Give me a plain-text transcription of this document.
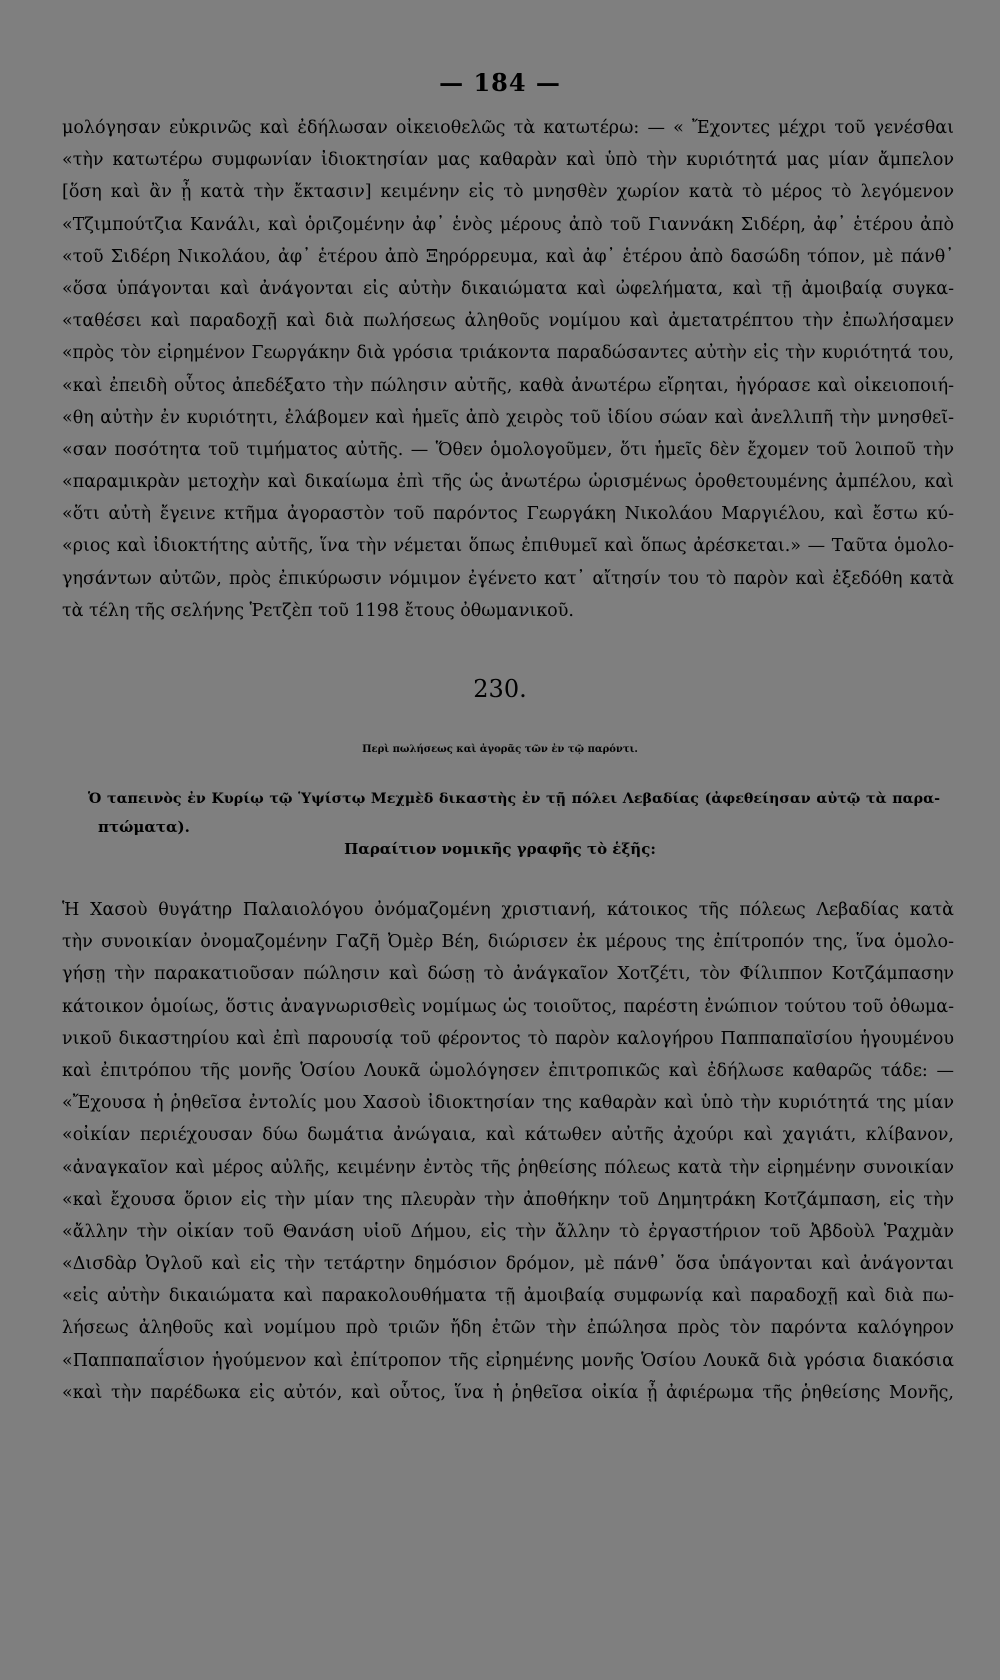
— 184 —
μολόγησαν εὐκρινῶς καὶ ἐδήλωσαν οἰκειοθελῶς τὰ κατωτέρω: — « Ἔχοντες μέχρι τοῦ γενέσθαι
«τὴν κατωτέρω συμφωνίαν ἰδιοκτησίαν μας καθαρὰν καὶ ὑπὸ τὴν κυριότητά μας μίαν ἄμπελον
[ὅση καὶ ἂν ᾖ κατὰ τὴν ἔκτασιν] κειμένην εἰς τὸ μνησθὲν χωρίον κατὰ τὸ μέρος τὸ λεγόμενον
«Τζιμπούτζια Κανάλι, καὶ ὁριζομένην ἀφ᾽ ἑνὸς μέρους ἀπὸ τοῦ Γιαννάκη Σιδέρη, ἀφ᾽ ἑτέρου ἀπὸ
«τοῦ Σιδέρη Νικολάου, ἀφ᾽ ἑτέρου ἀπὸ Ξηρόρρευμα, καὶ ἀφ᾽ ἑτέρου ἀπὸ δασώδη τόπον, μὲ πάνθ᾽
«ὅσα ὑπάγονται καὶ ἀνάγονται εἰς αὐτὴν δικαιώματα καὶ ὠφελήματα, καὶ τῇ ἀμοιβαίᾳ συγκα-
«ταθέσει καὶ παραδοχῇ καὶ διὰ πωλήσεως ἀληθοῦς νομίμου καὶ ἀμετατρέπτου τὴν ἐπωλήσαμεν
«πρὸς τὸν εἰρημένον Γεωργάκην διὰ γρόσια τριάκοντα παραδώσαντες αὐτὴν εἰς τὴν κυριότητά του,
«καὶ ἐπειδὴ οὗτος ἀπεδέξατο τὴν πώλησιν αὐτῆς, καθὰ ἀνωτέρω εἴρηται, ἠγόρασε καὶ οἰκειοποιή-
«θη αὐτὴν ἐν κυριότητι, ἐλάβομεν καὶ ἡμεῖς ἀπὸ χειρὸς τοῦ ἰδίου σώαν καὶ ἀνελλιπῆ τὴν μνησθεῖ-
«σαν ποσότητα τοῦ τιμήματος αὐτῆς. — Ὅθεν ὁμολογοῦμεν, ὅτι ἡμεῖς δὲν ἔχομεν τοῦ λοιποῦ τὴν
«παραμικρὰν μετοχὴν καὶ δικαίωμα ἐπὶ τῆς ὡς ἀνωτέρω ὡρισμένως ὁροθετουμένης ἀμπέλου, καὶ
«ὅτι αὐτὴ ἔγεινε κτῆμα ἀγοραστὸν τοῦ παρόντος Γεωργάκη Νικολάου Μαργιέλου, καὶ ἔστω κύ-
«ριος καὶ ἰδιοκτήτης αὐτῆς, ἵνα τὴν νέμεται ὅπως ἐπιθυμεῖ καὶ ὅπως ἀρέσκεται.» — Ταῦτα ὁμολο-
γησάντων αὐτῶν, πρὸς ἐπικύρωσιν νόμιμον ἐγένετο κατ᾽ αἴτησίν του τὸ παρὸν καὶ ἐξεδόθη κατὰ
τὰ τέλη τῆς σελήνης Ῥετζὲπ τοῦ 1198 ἔτους ὀθωμανικοῦ.
230.
Περὶ πωλήσεως καὶ ἀγορᾶς τῶν ἐν τῷ παρόντι.
Ὁ ταπεινὸς ἐν Κυρίῳ τῷ Ὑψίστῳ Μεχμὲδ δικαστὴς ἐν τῇ πόλει Λεβαδίας (ἀφεθείησαν αὐτῷ τὰ παρα-
πτώματα).
Παραίτιον νομικῆς γραφῆς τὸ ἑξῆς:
Ἡ Χασοὺ θυγάτηρ Παλαιολόγου ὀνόμαζομένη χριστιανή, κάτοικος τῆς πόλεως Λεβαδίας κατὰ
τὴν συνοικίαν ὀνομαζομένην Γαζῆ Ὀμὲρ Βέη, διώρισεν ἐκ μέρους της ἐπίτροπόν της, ἵνα ὁμολο-
γήσῃ τὴν παρακατιοῦσαν πώλησιν καὶ δώσῃ τὸ ἀνάγκαῖον Χοτζέτι, τὸν Φίλιππον Κοτζάμπασην
κάτοικον ὁμοίως, ὅστις ἀναγνωρισθεὶς νομίμως ὡς τοιοῦτος, παρέστη ἐνώπιον τούτου τοῦ ὀθωμα-
νικοῦ δικαστηρίου καὶ ἐπὶ παρουσίᾳ τοῦ φέροντος τὸ παρὸν καλογήρου Παππαπαϊσίου ἡγουμένου
καὶ ἐπιτρόπου τῆς μονῆς Ὁσίου Λουκᾶ ὡμολόγησεν ἐπιτροπικῶς καὶ ἐδήλωσε καθαρῶς τάδε: —
«Ἔχουσα ἡ ῥηθεῖσα ἐντολίς μου Χασοὺ ἰδιοκτησίαν της καθαρὰν καὶ ὑπὸ τὴν κυριότητά της μίαν
«οἰκίαν περιέχουσαν δύω δωμάτια ἀνώγαια, καὶ κάτωθεν αὐτῆς ἀχούρι καὶ χαγιάτι, κλίβανον,
«ἀναγκαῖον καὶ μέρος αὐλῆς, κειμένην ἐντὸς τῆς ῥηθείσης πόλεως κατὰ τὴν εἰρημένην συνοικίαν
«καὶ ἔχουσα ὅριον εἰς τὴν μίαν της πλευρὰν τὴν ἀποθήκην τοῦ Δημητράκη Κοτζάμπαση, εἰς τὴν
«ἄλλην τὴν οἰκίαν τοῦ Θανάση υἱοῦ Δήμου, εἰς τὴν ἄλλην τὸ ἐργαστήριον τοῦ Ἀβδοὺλ Ῥαχμὰν
«Δισδὰρ Ὀγλοῦ καὶ εἰς τὴν τετάρτην δημόσιον δρόμον, μὲ πάνθ᾽ ὅσα ὑπάγονται καὶ ἀνάγονται
«εἰς αὐτὴν δικαιώματα καὶ παρακολουθήματα τῇ ἀμοιβαίᾳ συμφωνίᾳ καὶ παραδοχῇ καὶ διὰ πω-
λήσεως ἀληθοῦς καὶ νομίμου πρὸ τριῶν ἤδη ἐτῶν τὴν ἐπώλησα πρὸς τὸν παρόντα καλόγηρον
«Παππαπαΐσιον ἡγούμενον καὶ ἐπίτροπον τῆς εἰρημένης μονῆς Ὁσίου Λουκᾶ διὰ γρόσια διακόσια
«καὶ τὴν παρέδωκα εἰς αὐτόν, καὶ οὗτος, ἵνα ἡ ῥηθεῖσα οἰκία ᾖ ἀφιέρωμα τῆς ῥηθείσης Μονῆς,
